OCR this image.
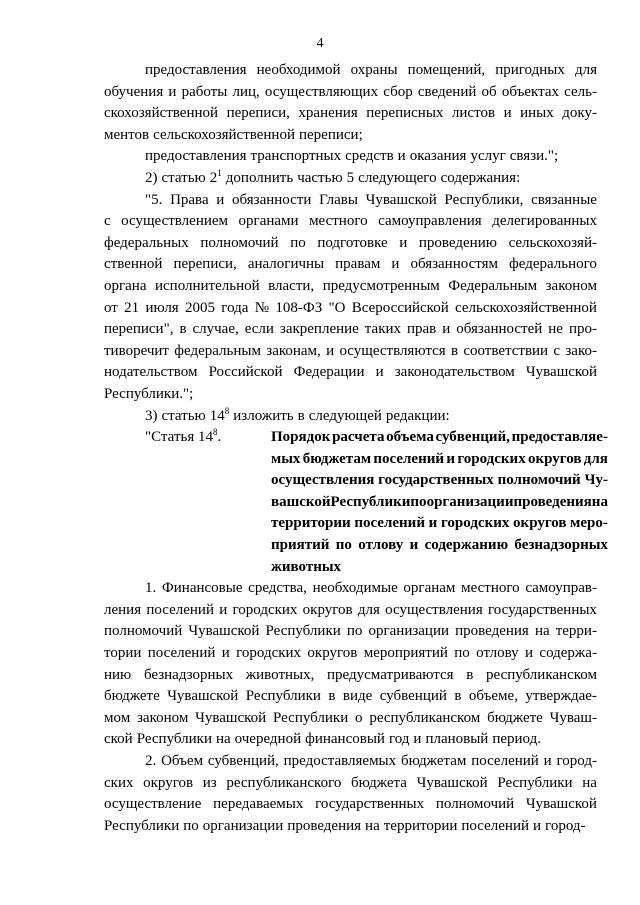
4
предоставления необходимой охраны помещений, пригодных для
обучения и работы лиц, осуществляющих сбор сведений об объектах сель-
скохозяйственной переписи, хранения переписных листов и иных доку-
ментов сельскохозяйственной переписи;
предоставления транспортных средств и оказания услуг связи.";
2) статью $2^1$ дополнить частью 5 следующего содержания:
"5. Права и обязанности Главы Чувашской Республики, связанные
с осуществлением органами местного самоуправления делегированных
федеральных полномочий по подготовке и проведению сельскохозяй-
ственной переписи, аналогичны правам и обязанностям федерального
органа исполнительной власти, предусмотренным Федеральным законом
от 21 июля 2005 года № 108-ФЗ "О Всероссийской сельскохозяйственной
переписи", в случае, если закрепление таких прав и обязанностей не про-
тиворечит федеральным законам, и осуществляются в соответствии с зако-
нодательством Российской Федерации и законодательством Чувашской
Республики.";
3) статью $14^8$ изложить в следующей редакции:
"Статья $14^8$.	Порядок расчета объема субвенций, предоставляе-
мых бюджетам поселений и городских округов для
осуществления государственных полномочий Чу-
вашской Республики по организации проведения на
территории поселений и городских округов меро-
приятий по отлову и содержанию безнадзорных
животных
1. Финансовые средства, необходимые органам местного самоуправ-
ления поселений и городских округов для осуществления государственных
полномочий Чувашской Республики по организации проведения на терри-
тории поселений и городских округов мероприятий по отлову и содержа-
нию безнадзорных животных, предусматриваются в республиканском
бюджете Чувашской Республики в виде субвенций в объеме, утверждае-
мом законом Чувашской Республики о республиканском бюджете Чуваш-
ской Республики на очередной финансовый год и плановый период.
2. Объем субвенций, предоставляемых бюджетам поселений и город-
ских округов из республиканского бюджета Чувашской Республики на
осуществление передаваемых государственных полномочий Чувашской
Республики по организации проведения на территории поселений и город-
